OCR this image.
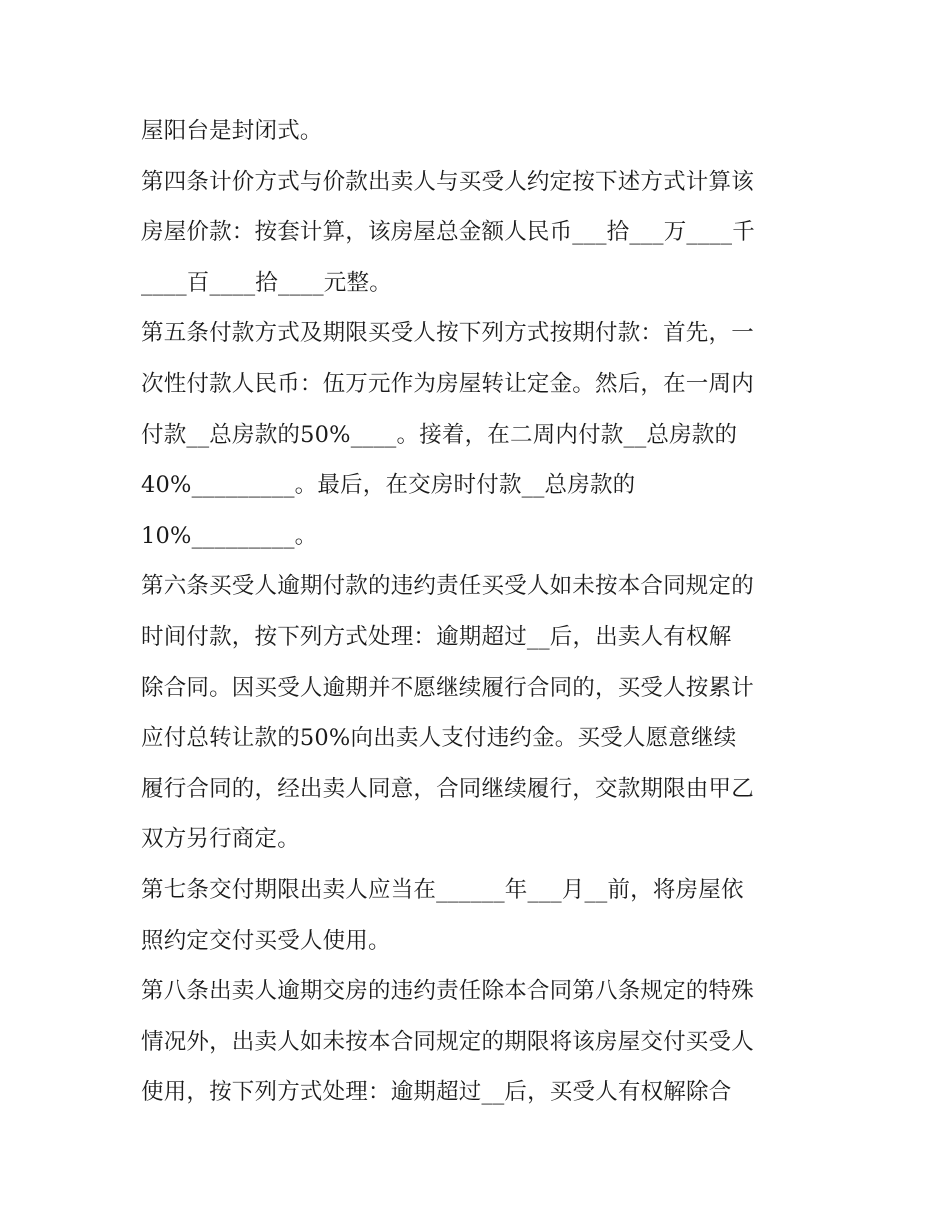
屋阳台是封闭式。
第四条计价方式与价款出卖人与买受人约定按下述方式计算该
房屋价款：按套计算，该房屋总金额人民币___拾___万____千
____百____拾____元整。
第五条付款方式及期限买受人按下列方式按期付款：首先，一
次性付款人民币：伍万元作为房屋转让定金。然后，在一周内
付款__总房款的50%____。接着，在二周内付款__总房款的
40%_________。最后，在交房时付款__总房款的
10%_________。
第六条买受人逾期付款的违约责任买受人如未按本合同规定的
时间付款，按下列方式处理：逾期超过__后，出卖人有权解
除合同。因买受人逾期并不愿继续履行合同的，买受人按累计
应付总转让款的50%向出卖人支付违约金。买受人愿意继续
履行合同的，经出卖人同意，合同继续履行，交款期限由甲乙
双方另行商定。
第七条交付期限出卖人应当在______年___月__前，将房屋依
照约定交付买受人使用。
第八条出卖人逾期交房的违约责任除本合同第八条规定的特殊
情况外，出卖人如未按本合同规定的期限将该房屋交付买受人
使用，按下列方式处理：逾期超过__后，买受人有权解除合
